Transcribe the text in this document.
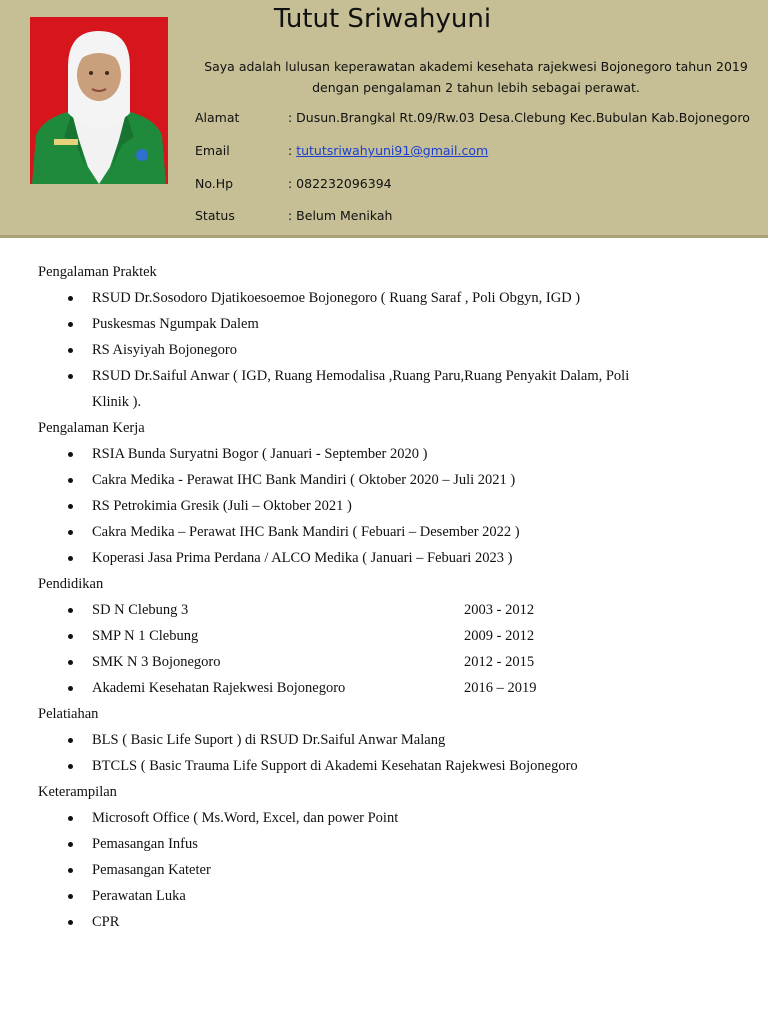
Tutut Sriwahyuni
Saya adalah lulusan keperawatan akademi kesehata rajekwesi Bojonegoro tahun 2019
dengan pengalaman 2 tahun lebih sebagai perawat.
Alamat	: Dusun.Brangkal Rt.09/Rw.03 Desa.Clebung Kec.Bubulan Kab.Bojonegoro
Email	: tututsriwahyuni91@gmail.com
No.Hp	: 082232096394
Status	: Belum Menikah
Pengalaman Praktek
RSUD Dr.Sosodoro Djatikoesoemoe Bojonegoro ( Ruang Saraf , Poli Obgyn, IGD )
Puskesmas Ngumpak Dalem
RS Aisyiyah Bojonegoro
RSUD Dr.Saiful Anwar ( IGD, Ruang Hemodalisa ,Ruang Paru,Ruang Penyakit Dalam, Poli
Klinik ).
Pengalaman Kerja
RSIA Bunda Suryatni Bogor ( Januari - September 2020 )
Cakra Medika - Perawat IHC Bank Mandiri ( Oktober 2020 – Juli 2021 )
RS Petrokimia Gresik (Juli – Oktober 2021 )
Cakra Medika – Perawat IHC Bank Mandiri ( Febuari – Desember 2022 )
Koperasi Jasa Prima Perdana / ALCO Medika ( Januari – Febuari 2023 )
Pendidikan
SD N Clebung 3	2003 - 2012
SMP N 1 Clebung	2009 - 2012
SMK N 3 Bojonegoro	2012 - 2015
Akademi Kesehatan Rajekwesi Bojonegoro	2016 – 2019
Pelatiahan
BLS ( Basic Life Suport ) di RSUD Dr.Saiful Anwar Malang
BTCLS ( Basic Trauma Life Support di Akademi Kesehatan Rajekwesi Bojonegoro
Keterampilan
Microsoft Office ( Ms.Word, Excel, dan power Point
Pemasangan Infus
Pemasangan Kateter
Perawatan Luka
CPR
